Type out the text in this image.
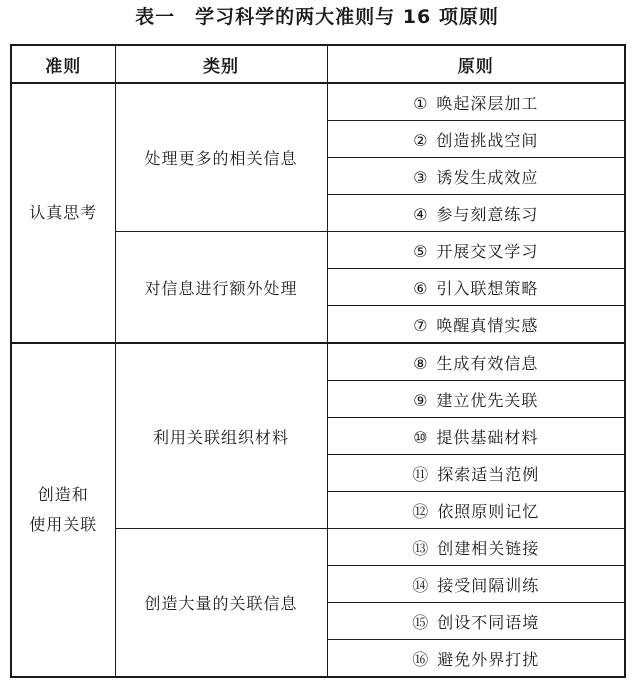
表一　学习科学的两大准则与 16 项原则
准则	类别	原则

认真思考	处理更多的相关信息	① 唤起深层加工
		② 创造挑战空间
		③ 诱发生成效应
		④ 参与刻意练习
	对信息进行额外处理	⑤ 开展交叉学习
		⑥ 引入联想策略
		⑦ 唤醒真情实感

创造和
使用关联	利用关联组织材料	⑧ 生成有效信息
		⑨ 建立优先关联
		⑩ 提供基础材料
		⑪ 探索适当范例
		⑫ 依照原则记忆
	创造大量的关联信息	⑬ 创建相关链接
		⑭ 接受间隔训练
		⑮ 创设不同语境
		⑯ 避免外界打扰
